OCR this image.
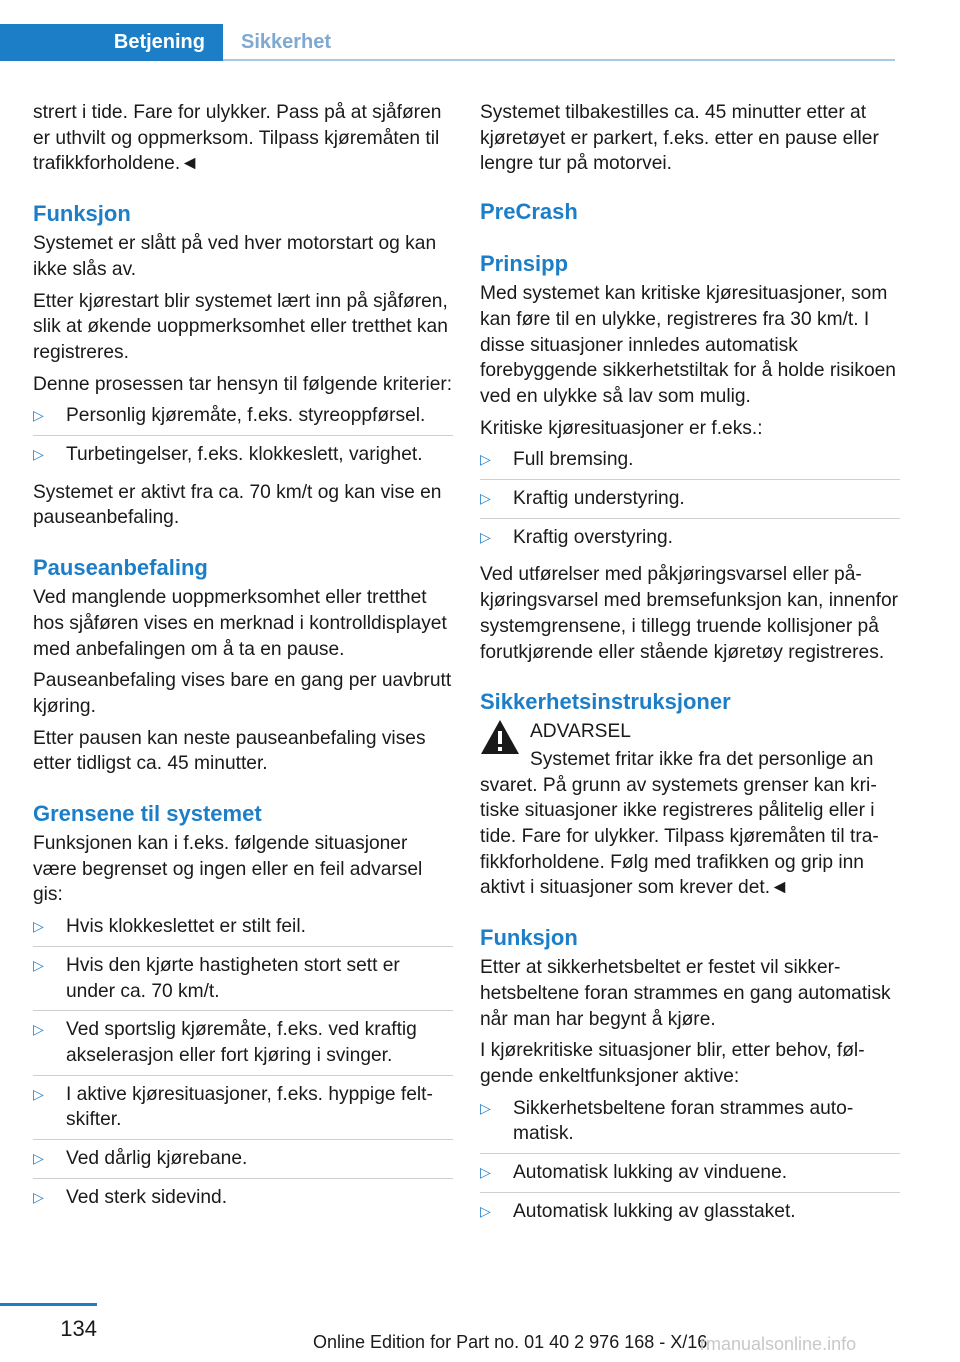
Betjening	Sikkerhet

strert i tide. Fare for ulykker. Pass på at sjåføren er uthvilt og oppmerksom. Tilpass kjøremåten til trafikkforholdene.◄

Funksjon

Systemet er slått på ved hver motorstart og kan ikke slås av.

Etter kjørestart blir systemet lært inn på sjåføren, slik at økende uoppmerksomhet eller tretthet kan registreres.

Denne prosessen tar hensyn til følgende kriterier:

▷ Personlig kjøremåte, f.eks. styreoppførsel.
▷ Turbetingelser, f.eks. klokkeslett, varighet.

Systemet er aktivt fra ca. 70 km/t og kan vise en pauseanbefaling.

Pauseanbefaling

Ved manglende uoppmerksomhet eller tretthet hos sjåføren vises en merknad i kontrolldisplayet med anbefalingen om å ta en pause.

Pauseanbefaling vises bare en gang per uavbrutt kjøring.

Etter pausen kan neste pauseanbefaling vises etter tidligst ca. 45 minutter.

Grensene til systemet

Funksjonen kan i f.eks. følgende situasjoner være begrenset og ingen eller en feil advarsel gis:

▷ Hvis klokkeslettet er stilt feil.
▷ Hvis den kjørte hastigheten stort sett er under ca. 70 km/t.
▷ Ved sportslig kjøremåte, f.eks. ved kraftig akselerasjon eller fort kjøring i svinger.
▷ I aktive kjøresituasjoner, f.eks. hyppige feltskifter.
▷ Ved dårlig kjørebane.
▷ Ved sterk sidevind.

Systemet tilbakestilles ca. 45 minutter etter at kjøretøyet er parkert, f.eks. etter en pause eller lengre tur på motorvei.

PreCrash
Prinsipp

Med systemet kan kritiske kjøresituasjoner, som kan føre til en ulykke, registreres fra 30 km/t. I disse situasjoner innledes automatisk forebyggende sikkerhetstiltak for å holde risikoen ved en ulykke så lav som mulig.

Kritiske kjøresituasjoner er f.eks.:

▷ Full bremsing.
▷ Kraftig understyring.
▷ Kraftig overstyring.

Ved utførelser med påkjøringsvarsel eller påkjøringsvarsel med bremsefunksjon kan, innenfor systemgrensene, i tillegg truende kollisjoner på forutkjørende eller stående kjøretøy registreres.

Sikkerhetsinstruksjoner
ADVARSEL
Systemet fritar ikke fra det personlige an

svaret. På grunn av systemets grenser kan kritiske situasjoner ikke registreres pålitelig eller i tide. Fare for ulykker. Tilpass kjøremåten til trafikkforholdene. Følg med trafikken og grip inn aktivt i situasjoner som krever det.◄

Funksjon

Etter at sikkerhetsbeltet er festet vil sikkerhetsbeltene foran strammes en gang automatisk når man har begynt å kjøre.

I kjørekritiske situasjoner blir, etter behov, følgende enkeltfunksjoner aktive:

▷ Sikkerhetsbeltene foran strammes automatisk.
▷ Automatisk lukking av vinduene.
▷ Automatisk lukking av glasstaket.
134
Online Edition for Part no. 01 40 2 976 168 - X/16
rmanualsonline.info
